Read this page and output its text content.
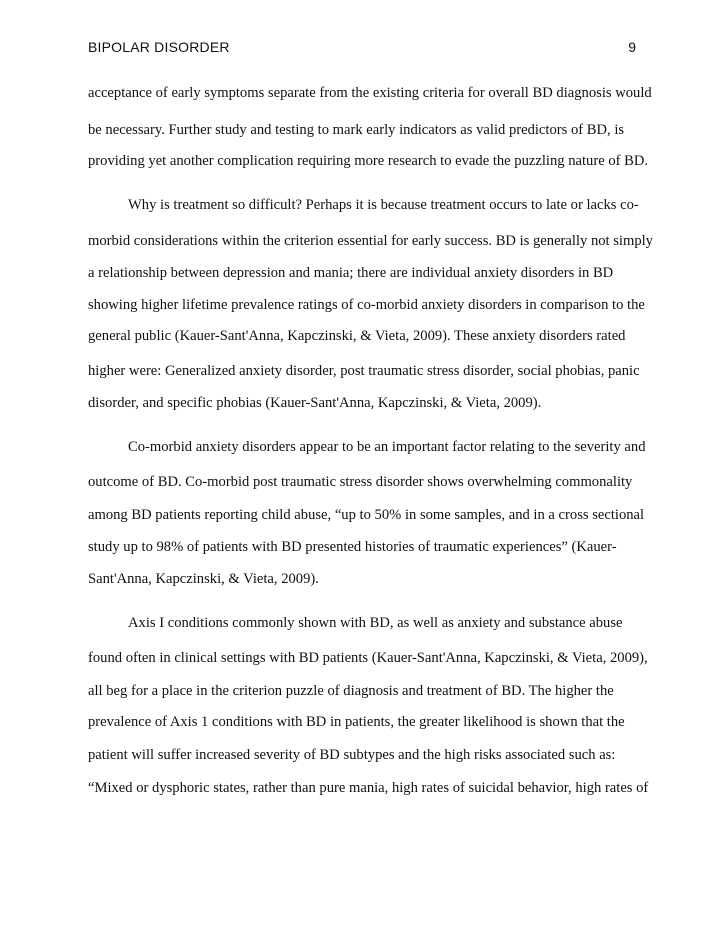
BIPOLAR DISORDER	9
acceptance of early symptoms separate from the existing criteria for overall BD diagnosis would
be necessary. Further study and testing to mark early indicators as valid predictors of BD, is
providing yet another complication requiring more research to evade the puzzling nature of BD.
Why is treatment so difficult? Perhaps it is because treatment occurs to late or lacks co-
morbid considerations within the criterion essential for early success. BD is generally not simply
a relationship between depression and mania; there are individual anxiety disorders in BD
showing higher lifetime prevalence ratings of co-morbid anxiety disorders in comparison to the
general public (Kauer-Sant'Anna, Kapczinski, & Vieta, 2009). These anxiety disorders rated
higher were: Generalized anxiety disorder, post traumatic stress disorder, social phobias, panic
disorder, and specific phobias (Kauer-Sant'Anna, Kapczinski, & Vieta, 2009).
Co-morbid anxiety disorders appear to be an important factor relating to the severity and
outcome of BD. Co-morbid post traumatic stress disorder shows overwhelming commonality
among BD patients reporting child abuse, “up to 50% in some samples, and in a cross sectional
study up to 98% of patients with BD presented histories of traumatic experiences” (Kauer-
Sant'Anna, Kapczinski, & Vieta, 2009).
Axis I conditions commonly shown with BD, as well as anxiety and substance abuse
found often in clinical settings with BD patients (Kauer-Sant'Anna, Kapczinski, & Vieta, 2009),
all beg for a place in the criterion puzzle of diagnosis and treatment of BD. The higher the
prevalence of Axis 1 conditions with BD in patients, the greater likelihood is shown that the
patient will suffer increased severity of BD subtypes and the high risks associated such as:
“Mixed or dysphoric states, rather than pure mania, high rates of suicidal behavior, high rates of
